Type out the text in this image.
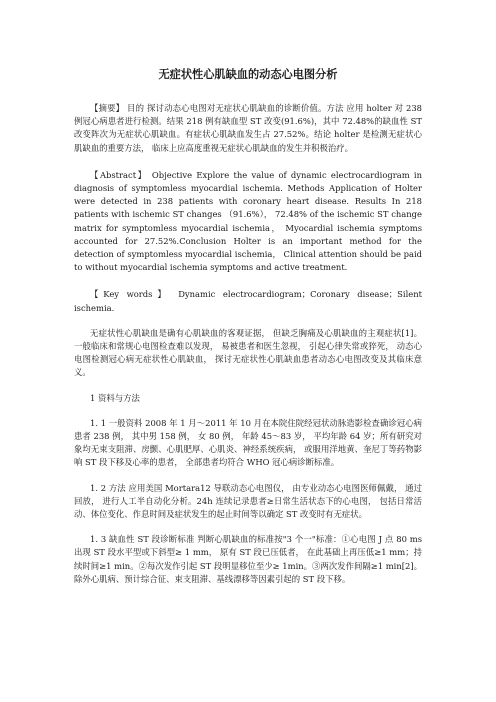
无症状性心肌缺血的动态心电图分析

【摘要】 目的 探讨动态心电图对无症状心肌缺血的诊断价值。方法 应用 holter 对 238 例冠心病患者进行检测。结果 218 例有缺血型 ST 改变(91.6%)，其中 72.48%的缺血性 ST 改变阵次为无症状心肌缺血。有症状心肌缺血发生占 27.52%。结论 holter 是检测无症状心肌缺血的重要方法， 临床上应高度重视无症状心肌缺血的发生并积极治疗。

【Abstract】 Objective Explore the value of dynamic electrocardiogram in diagnosis of symptomless myocardial ischemia. Methods Application of Holter were detected in 238 patients with coronary heart disease. Results In 218 patients with ischemic ST changes （91.6%）， 72.48% of the ischemic ST change matrix for symptomless myocardial ischemia， Myocardial ischemia symptoms accounted for 27.52%.Conclusion Holter is an important method for the detection of symptomless myocardial ischemia， Clinical attention should be paid to without myocardial ischemia symptoms and active treatment.

【Key words】 Dynamic electrocardiogram；Coronary disease；Silent ischemia.

无症状性心肌缺血是确有心肌缺血的客观证据， 但缺乏胸痛及心肌缺血的主观症状[1]。一般临床和常规心电图检查难以发现， 易被患者和医生忽视， 引起心律失常或猝死， 动态心电图检测冠心病无症状性心肌缺血， 探讨无症状性心肌缺血患者动态心电图改变及其临床意义。

1 资料与方法

1. 1 一般资料 2008 年 1 月～2011 年 10 月在本院住院经冠状动脉造影检查确诊冠心病患者 238 例， 其中男 158 例， 女 80 例， 年龄 45～83 岁， 平均年龄 64 岁；所有研究对象均无束支阻滞、房颤、心肌肥厚、心肌炎、神经系统疾病， 或服用洋地黄、奎尼丁等药物影响 ST 段下移及心率的患者， 全部患者均符合 WHO 冠心病诊断标准。

1. 2 方法 应用美国 Mortara12 导联动态心电图仪， 由专业动态心电图医师佩戴， 通过回放， 进行人工半自动化分析。24h 连续记录患者≥日常生活状态下的心电图， 包括日常活动、体位变化、作息时间及症状发生的起止时间等以确定 ST 改变时有无症状。

1. 3 缺血性 ST 段诊断标准 判断心肌缺血的标准按"3 个一"标准：①心电图 J 点 80 ms 出现 ST 段水平型或下斜型≥ 1 mm， 原有 ST 段已压低者， 在此基础上再压低≥1 mm；持续时间≥1 min。②每次发作引起 ST 段明显移位至少≥ 1min。③两次发作间隔≥1 min[2]。除外心肌病、预计综合征、束支阻滞、基线漂移等因素引起的 ST 段下移。
